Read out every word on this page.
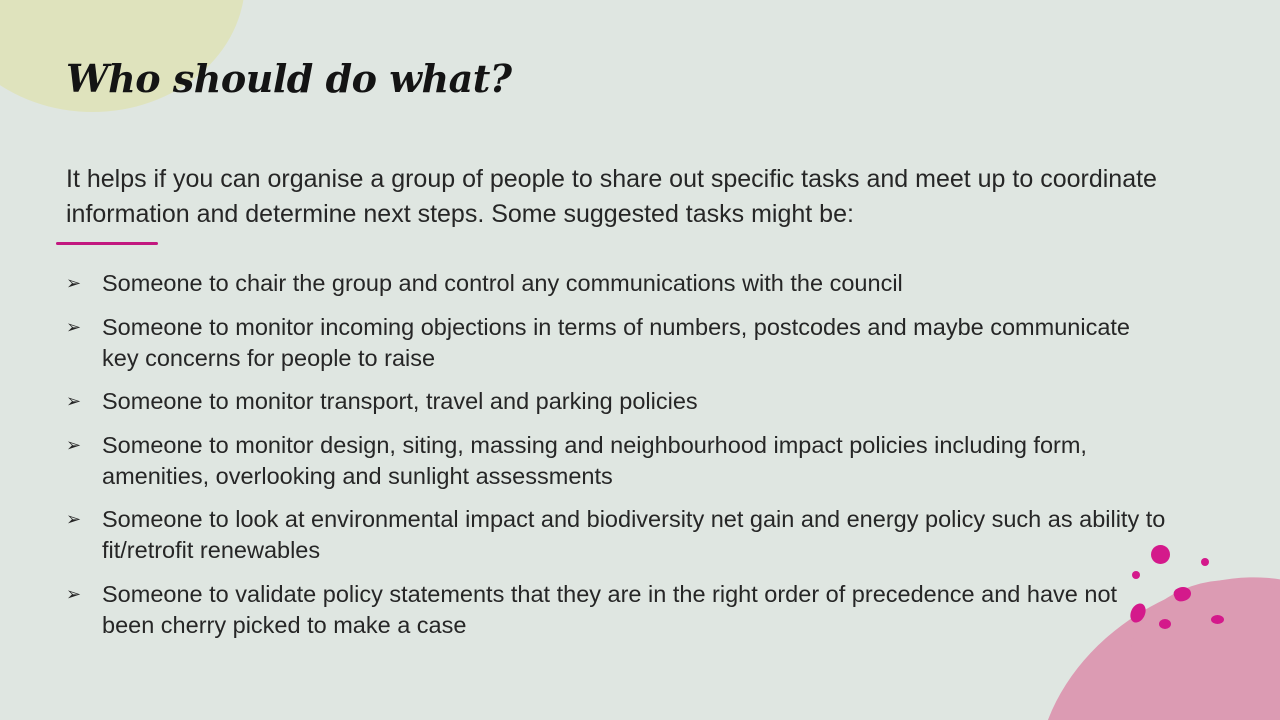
Who should do what?

It helps if you can organise a group of people to share out specific tasks and meet up to coordinate information and determine next steps. Some suggested tasks might be:

➢ Someone to chair the group and control any communications with the council
➢ Someone to monitor incoming objections in terms of numbers, postcodes and maybe communicate key concerns for people to raise
➢ Someone to monitor transport, travel and parking policies
➢ Someone to monitor design, siting, massing and neighbourhood impact policies including form, amenities, overlooking and sunlight assessments
➢ Someone to look at environmental impact and biodiversity net gain and energy policy such as ability to fit/retrofit renewables
➢ Someone to validate policy statements that they are in the right order of precedence and have not been cherry picked to make a case
